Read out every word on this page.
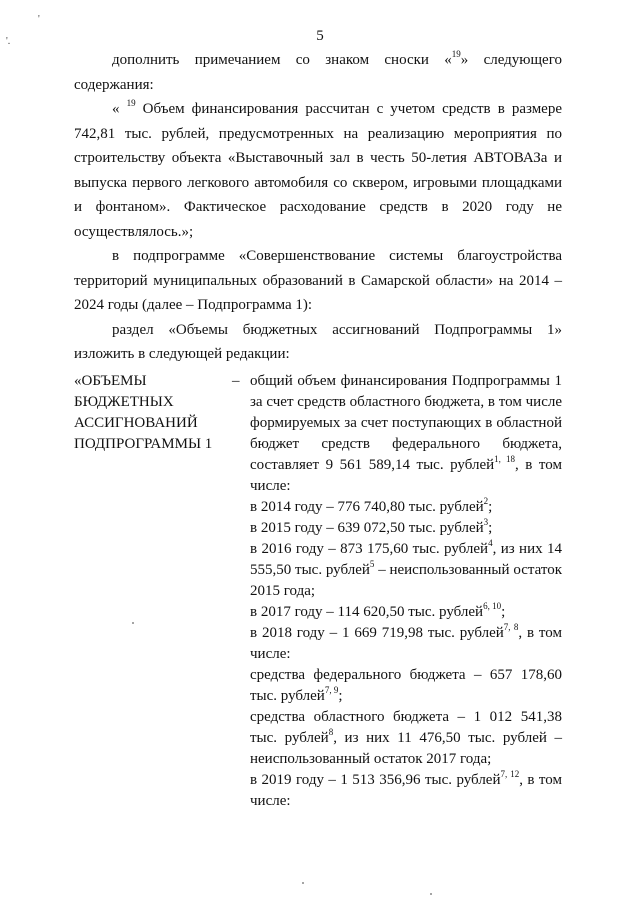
'
'.	5

дополнить примечанием со знаком сноски «$^{19}$» следующего содержания:

« $^{19}$ Объем финансирования рассчитан с учетом средств в размере 742,81 тыс. рублей, предусмотренных на реализацию мероприятия по строительству объекта «Выставочный зал в честь 50-летия АВТОВАЗа и выпуска первого легкового автомобиля со сквером, игровыми площадками и фонтаном». Фактическое расходование средств в 2020 году не осуществлялось.»;

в подпрограмме «Совершенствование системы благоустройства территорий муниципальных образований в Самарской области» на 2014 – 2024 годы (далее – Подпрограмма 1):

раздел «Объемы бюджетных ассигнований Подпрограммы 1» изложить в следующей редакции:

«ОБЪЕМЫ БЮДЖЕТНЫХ АССИГНОВАНИЙ ПОДПРОГРАММЫ 1
– общий объем финансирования Подпрограммы 1 за счет средств областного бюджета, в том числе формируемых за счет поступающих в областной бюджет средств федерального бюджета, составляет 9 561 589,14 тыс. рублей$^{1, 18}$, в том числе:

в 2014 году – 776 740,80 тыс. рублей$^2$;

в 2015 году – 639 072,50 тыс. рублей$^3$;

в 2016 году – 873 175,60 тыс. рублей$^4$, из них 14 555,50 тыс. рублей$^5$ – неиспользованный остаток 2015 года;

в 2017 году – 114 620,50 тыс. рублей$^{6, 10}$;

в 2018 году – 1 669 719,98 тыс. рублей$^{7, 8}$, в том числе:

средства федерального бюджета – 657 178,60 тыс. рублей$^{7, 9}$;

средства областного бюджета – 1 012 541,38 тыс. рублей$^8$, из них 11 476,50 тыс. рублей – неиспользованный остаток 2017 года;

в 2019 году – 1 513 356,96 тыс. рублей$^{7, 12}$, в том числе:
